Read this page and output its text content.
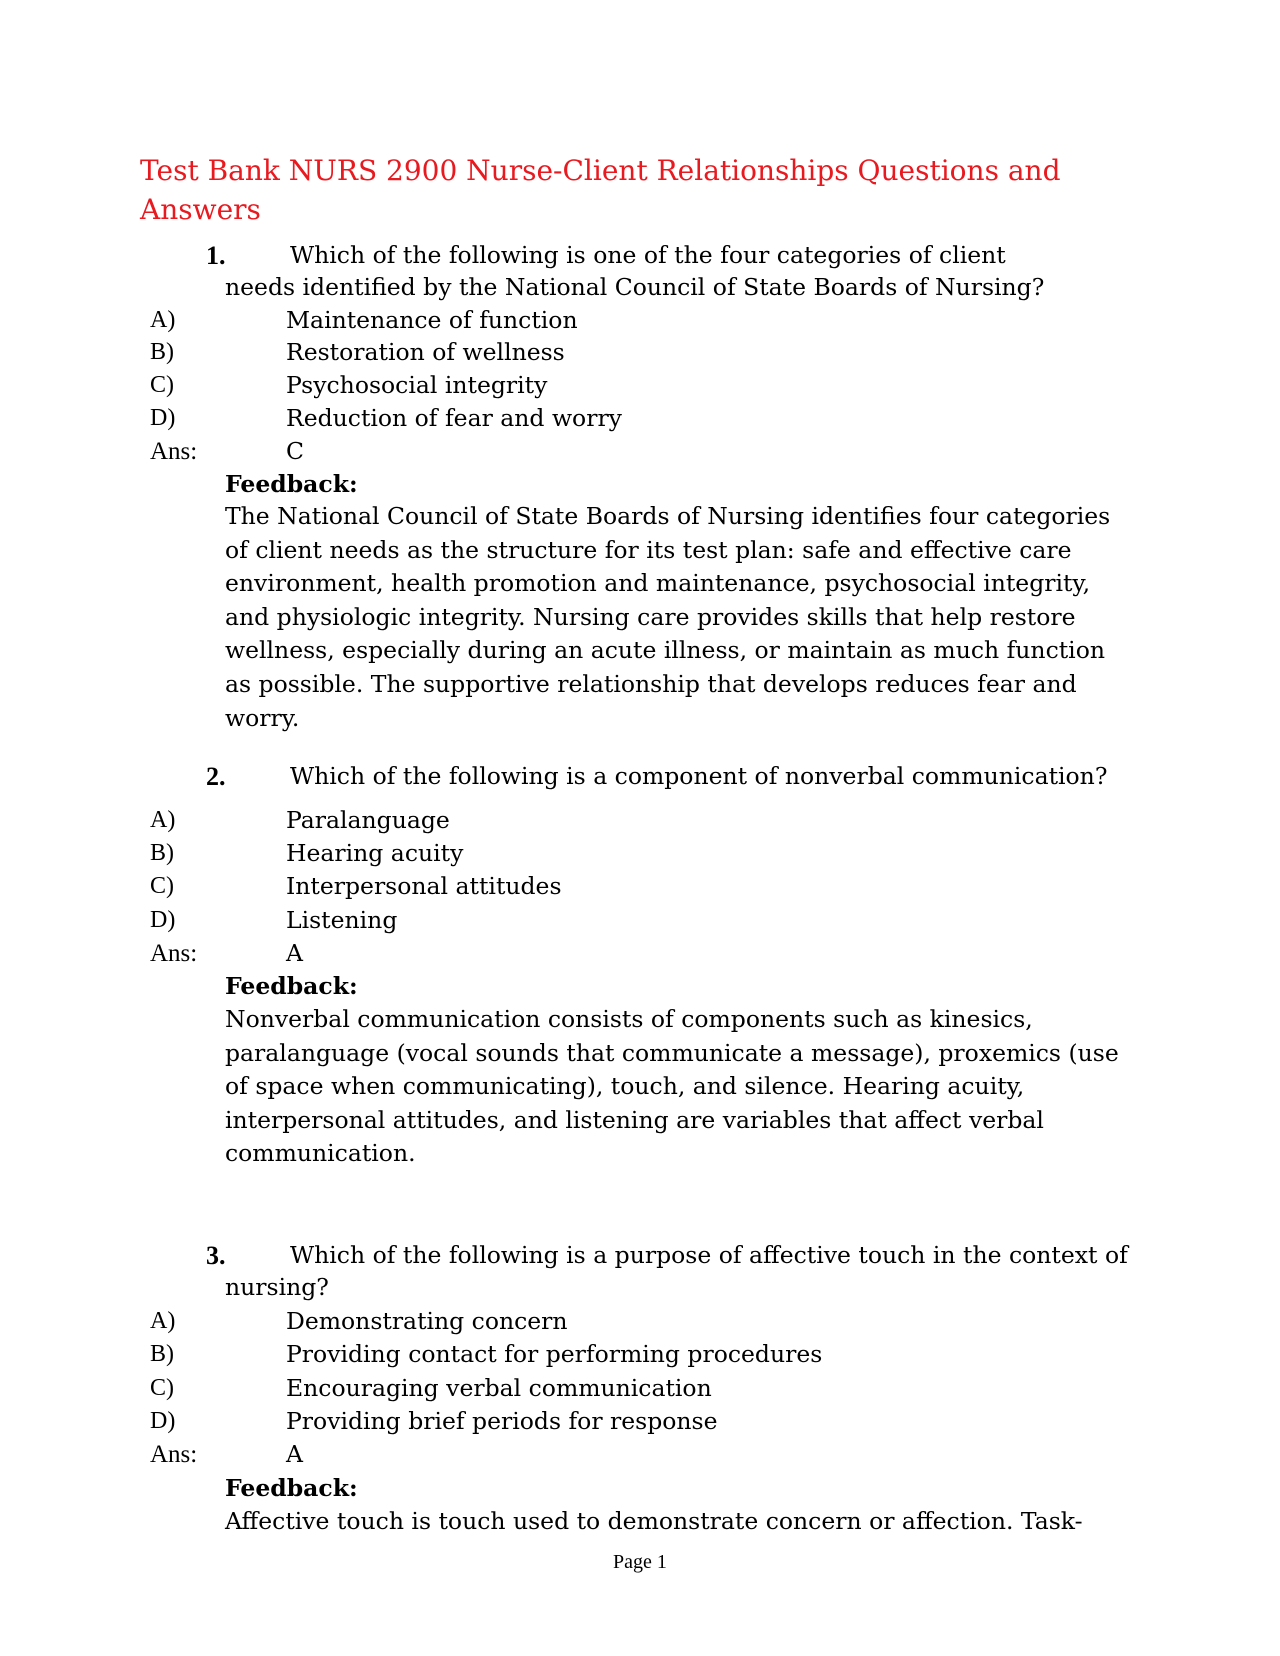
Test Bank NURS 2900 Nurse-Client Relationships Questions and Answers
1.	Which of the following is one of the four categories of client
needs identified by the National Council of State Boards of Nursing?
A)	Maintenance of function
B)	Restoration of wellness
C)	Psychosocial integrity
D)	Reduction of fear and worry
Ans:	C
Feedback:

The National Council of State Boards of Nursing identifies four categories of client needs as the structure for its test plan: safe and effective care environment, health promotion and maintenance, psychosocial integrity, and physiologic integrity. Nursing care provides skills that help restore wellness, especially during an acute illness, or maintain as much function as possible. The supportive relationship that develops reduces fear and worry.

2.	Which of the following is a component of nonverbal communication?
A)	Paralanguage
B)	Hearing acuity
C)	Interpersonal attitudes
D)	Listening
Ans:	A
Feedback:

Nonverbal communication consists of components such as kinesics, paralanguage (vocal sounds that communicate a message), proxemics (use of space when communicating), touch, and silence. Hearing acuity, interpersonal attitudes, and listening are variables that affect verbal communication.

3.	Which of the following is a purpose of affective touch in the context of
nursing?
A)	Demonstrating concern
B)	Providing contact for performing procedures
C)	Encouraging verbal communication
D)	Providing brief periods for response
Ans:	A
Feedback:

Affective touch is touch used to demonstrate concern or affection. Task-

Page 1
